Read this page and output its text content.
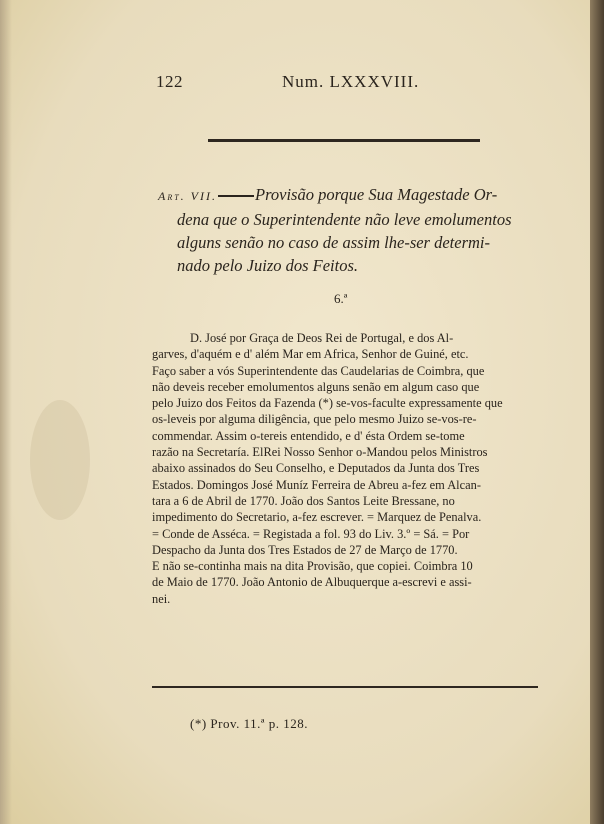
122	Num. LXXXVIII.
Art. VII. Provisão porque Sua Magestade Or-
dena que o Superintendente não leve emolumentos
alguns senão no caso de assim lhe-ser determi-
nado pelo Juizo dos Feitos.
6.ª

D. José por Graça de Deos Rei de Portugal, e dos Al-

garves, d'aquém e d' além Mar em Africa, Senhor de Guiné, etc.

Faço saber a vós Superintendente das Caudelarias de Coimbra, que

não deveis receber emolumentos alguns senão em algum caso que

pelo Juizo dos Feitos da Fazenda (*) se-vos-faculte expressamente que

os-leveis por alguma diligência, que pelo mesmo Juizo se-vos-re-

commendar. Assim o-tereis entendido, e d' ésta Ordem se-tome

razão na Secretaría. ElRei Nosso Senhor o-Mandou pelos Ministros

abaixo assinados do Seu Conselho, e Deputados da Junta dos Tres

Estados. Domingos José Muníz Ferreira de Abreu a-fez em Alcan-

tara a 6 de Abril de 1770. João dos Santos Leite Bressane, no

impedimento do Secretario, a-fez escrever. = Marquez de Penalva.

= Conde de Asséca. = Registada a fol. 93 do Liv. 3.º = Sá. = Por

Despacho da Junta dos Tres Estados de 27 de Março de 1770.

E não se-continha mais na dita Provisão, que copiei. Coimbra 10

de Maio de 1770. João Antonio de Albuquerque a-escrevi e assi-

nei.

(*) Prov. 11.ª p. 128.
